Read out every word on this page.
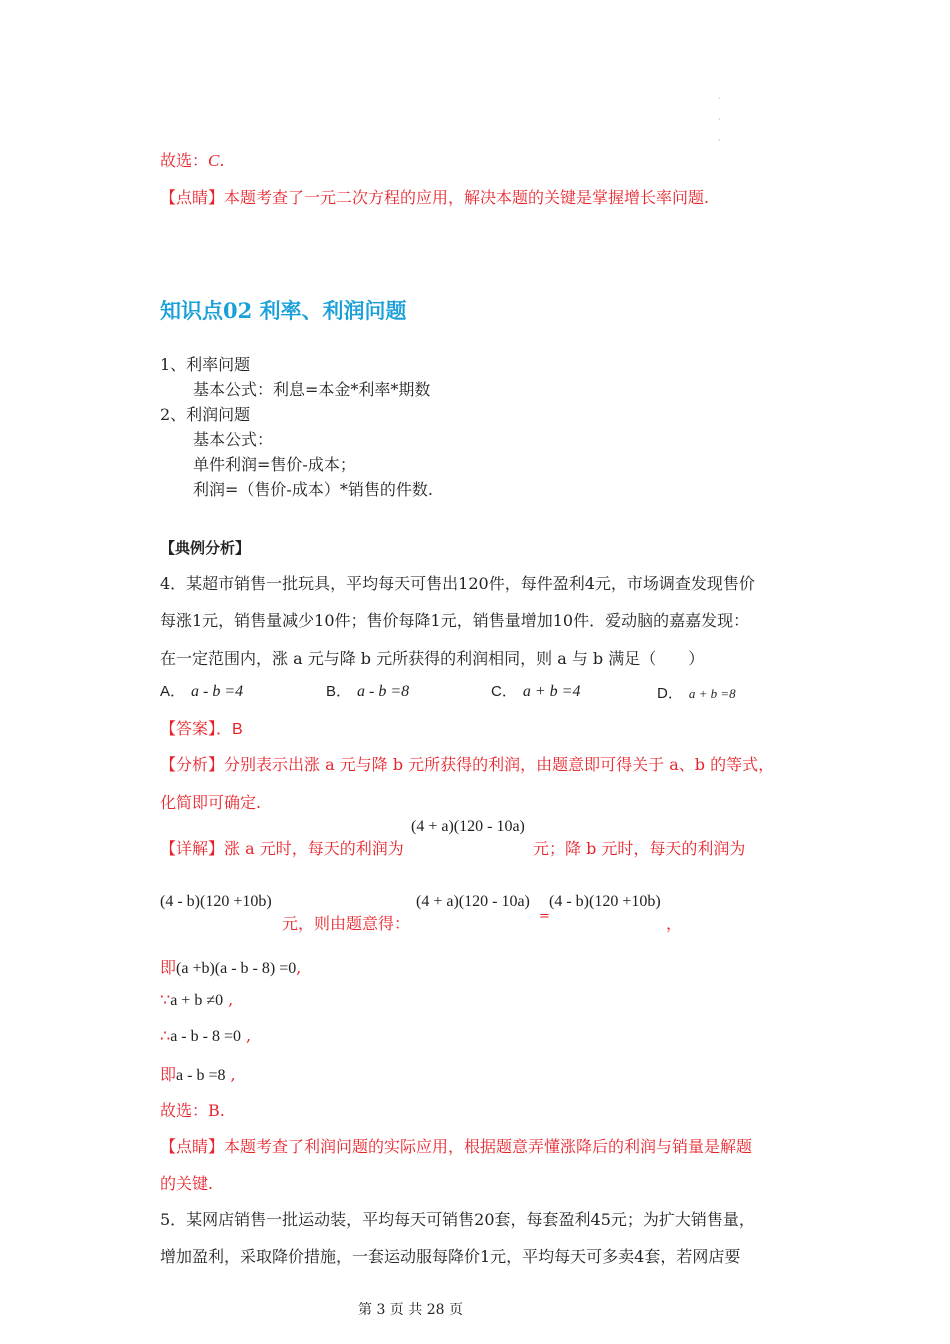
·
·
·
故选：C.
【点睛】本题考查了一元二次方程的应用，解决本题的关键是掌握增长率问题.
知识点02 利率、利润问题
1、利率问题
基本公式：利息=本金*利率*期数
2、利润问题
基本公式：
单件利润=售价-成本；
利润=（售价-成本）*销售的件数.
【典例分析】
4．某超市销售一批玩具，平均每天可售出120件，每件盈利4元，市场调查发现售价
每涨1元，销售量减少10件；售价每降1元，销售量增加10件．爱动脑的嘉嘉发现：
在一定范围内，涨 a 元与降 b 元所获得的利润相同，则 a 与 b 满足（　　）
A． a - b =4	B． a - b =8	C． a + b =4	D． a + b =8
【答案】．B
【分析】分别表示出涨 a 元与降 b 元所获得的利润，由题意即可得关于 a、b 的等式，
化简即可确定.
【详解】涨 a 元时，每天的利润为
(4 + a)(120 - 10a)
元；降 b 元时，每天的利润为
(4 - b)(120 +10b)
元，则由题意得：
(4 + a)(120 - 10a)
=
(4 - b)(120 +10b)
，
即(a +b)(a - b - 8) =0,
∵a + b ≠0 ,
∴a - b - 8 =0 ,
即a - b =8 ,
故选：B.
【点睛】本题考查了利润问题的实际应用，根据题意弄懂涨降后的利润与销量是解题
的关键.
5．某网店销售一批运动装，平均每天可销售20套，每套盈利45元；为扩大销售量，
增加盈利，采取降价措施，一套运动服每降价1元，平均每天可多卖4套，若网店要
第 3 页 共 28 页
